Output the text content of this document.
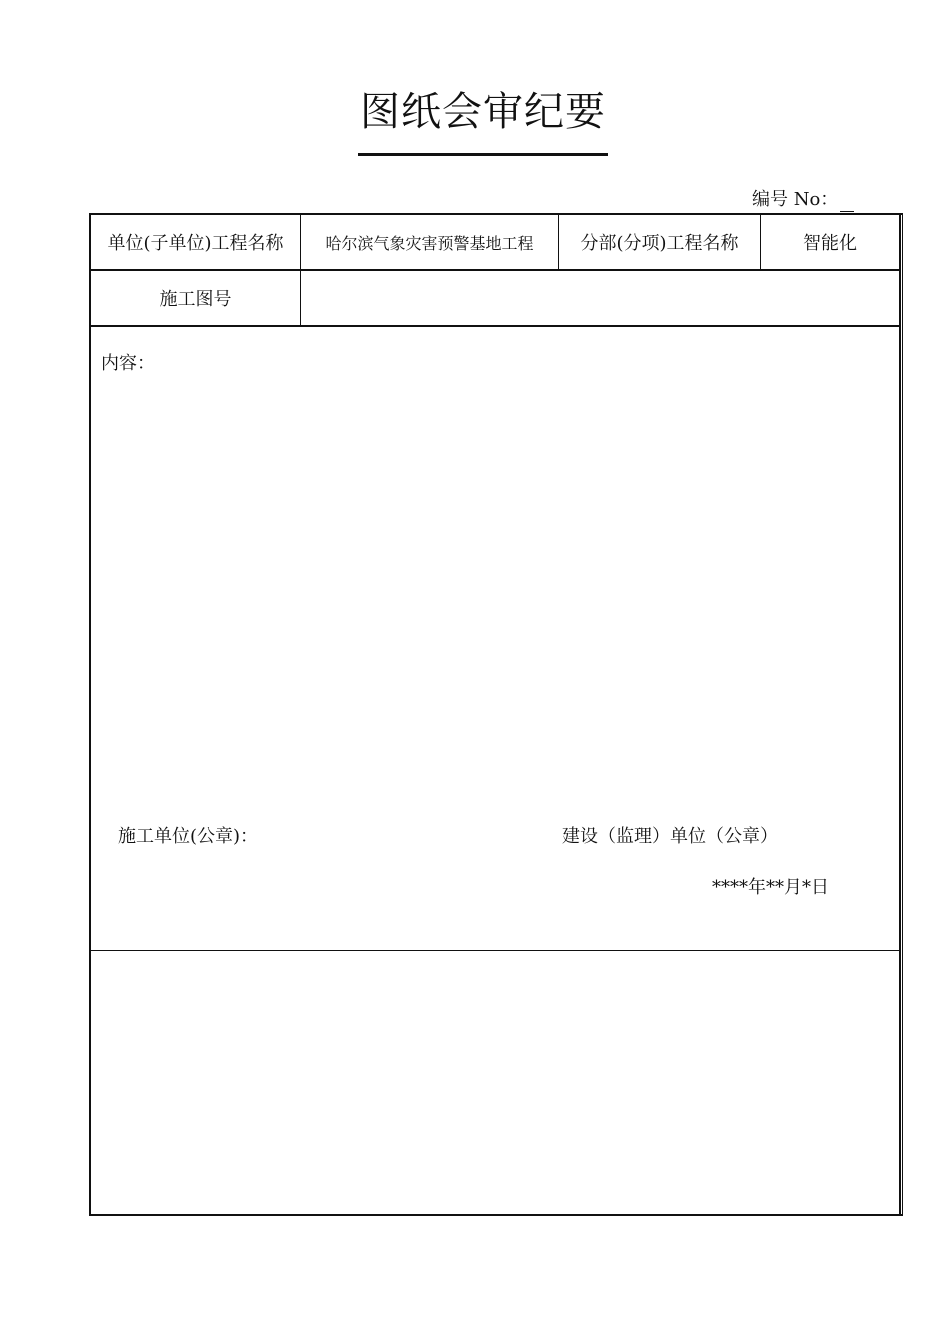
图纸会审纪要
编号 No：
单位(子单位)工程名称	哈尔滨气象灾害预警基地工程	分部(分项)工程名称	智能化
施工图号
内容：
施工单位(公章)：	建设（监理）单位（公章）
****年**月*日
